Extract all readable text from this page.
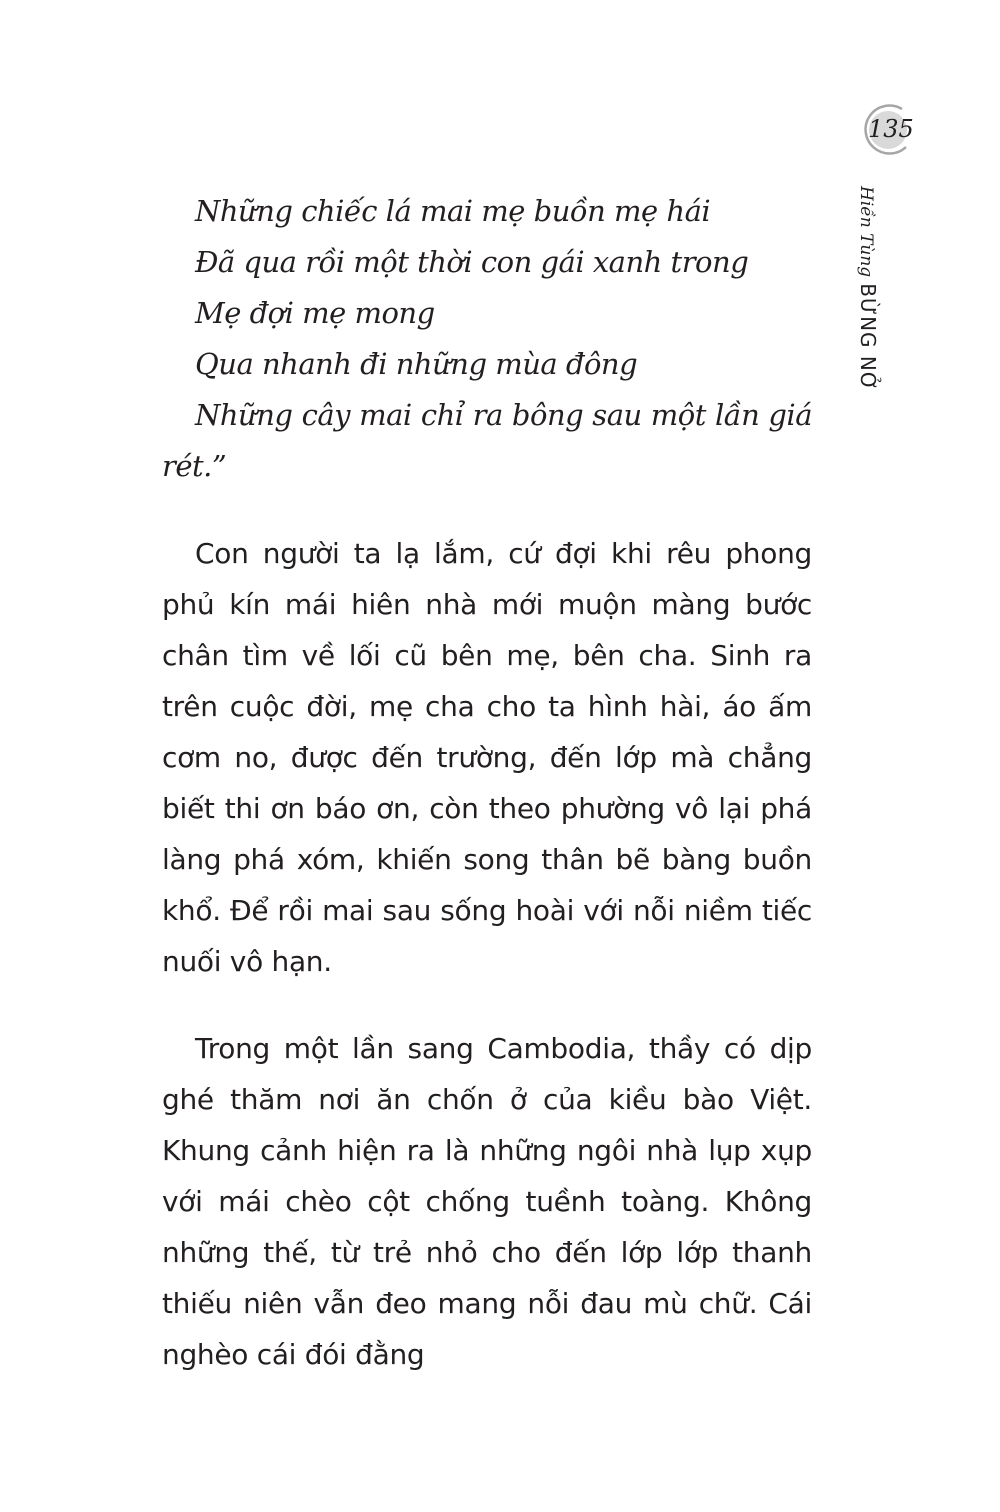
135
Hiền Tùng
BỪNG NỞ
Những chiếc lá mai mẹ buồn mẹ hái
Đã qua rồi một thời con gái xanh trong
Mẹ đợi mẹ mong
Qua nhanh đi những mùa đông
Những cây mai chỉ ra bông sau một lần giá
rét.”

Con người ta lạ lắm, cứ đợi khi rêu phong phủ kín mái hiên nhà mới muộn màng bước chân tìm về lối cũ bên mẹ, bên cha. Sinh ra trên cuộc đời, mẹ cha cho ta hình hài, áo ấm cơm no, được đến trường, đến lớp mà chẳng biết thi ơn báo ơn, còn theo phường vô lại phá làng phá xóm, khiến song thân bẽ bàng buồn khổ. Để rồi mai sau sống hoài với nỗi niềm tiếc nuối vô hạn.

Trong một lần sang Cambodia, thầy có dịp ghé thăm nơi ăn chốn ở của kiều bào Việt. Khung cảnh hiện ra là những ngôi nhà lụp xụp với mái chèo cột chống tuềnh toàng. Không những thế, từ trẻ nhỏ cho đến lớp lớp thanh thiếu niên vẫn đeo mang nỗi đau mù chữ. Cái nghèo cái đói đằng
